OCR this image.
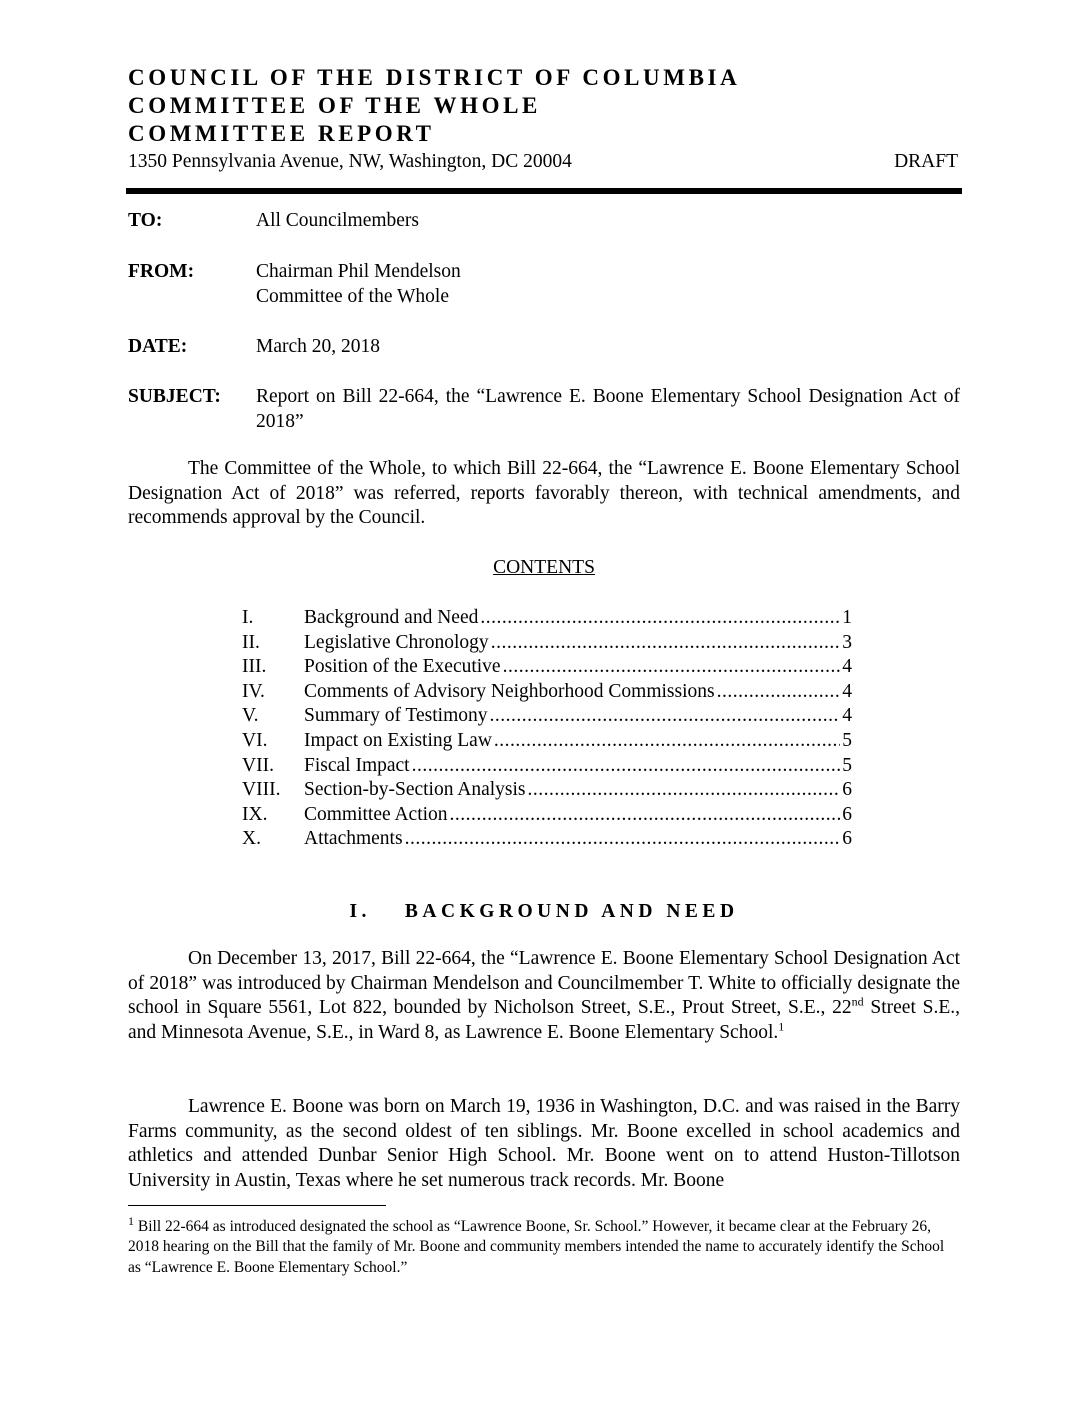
COUNCIL OF THE DISTRICT OF COLUMBIA
COMMITTEE OF THE WHOLE
COMMITTEE REPORT
1350 Pennsylvania Avenue, NW, Washington, DC 20004	DRAFT
TO:	All Councilmembers
FROM:	Chairman Phil Mendelson
Committee of the Whole
DATE:	March 20, 2018
SUBJECT: Report on Bill 22-664, the “Lawrence E. Boone Elementary School Designation Act of 2018”

The Committee of the Whole, to which Bill 22-664, the “Lawrence E. Boone Elementary School Designation Act of 2018” was referred, reports favorably thereon, with technical amendments, and recommends approval by the Council.

CONTENTS
I.	Background and Need .....	1
II.	Legislative Chronology .....	3
III.	Position of the Executive .....	4
IV.	Comments of Advisory Neighborhood Commissions .....	4
V.	Summary of Testimony .....	4
VI.	Impact on Existing Law .....	5
VII.	Fiscal Impact .....	5
VIII.	Section-by-Section Analysis .....	6
IX.	Committee Action .....	6
X.	Attachments .....	6
I. BACKGROUND AND NEED

On December 13, 2017, Bill 22-664, the “Lawrence E. Boone Elementary School Designation Act of 2018” was introduced by Chairman Mendelson and Councilmember T. White to officially designate the school in Square 5561, Lot 822, bounded by Nicholson Street, S.E., Prout Street, S.E., 22nd Street S.E., and Minnesota Avenue, S.E., in Ward 8, as Lawrence E. Boone Elementary School.$^1$

Lawrence E. Boone was born on March 19, 1936 in Washington, D.C. and was raised in the Barry Farms community, as the second oldest of ten siblings. Mr. Boone excelled in school academics and athletics and attended Dunbar Senior High School. Mr. Boone went on to attend Huston-Tillotson University in Austin, Texas where he set numerous track records. Mr. Boone

$^1$ Bill 22-664 as introduced designated the school as “Lawrence Boone, Sr. School.” However, it became clear at the February 26, 2018 hearing on the Bill that the family of Mr. Boone and community members intended the name to accurately identify the School as “Lawrence E. Boone Elementary School.”
